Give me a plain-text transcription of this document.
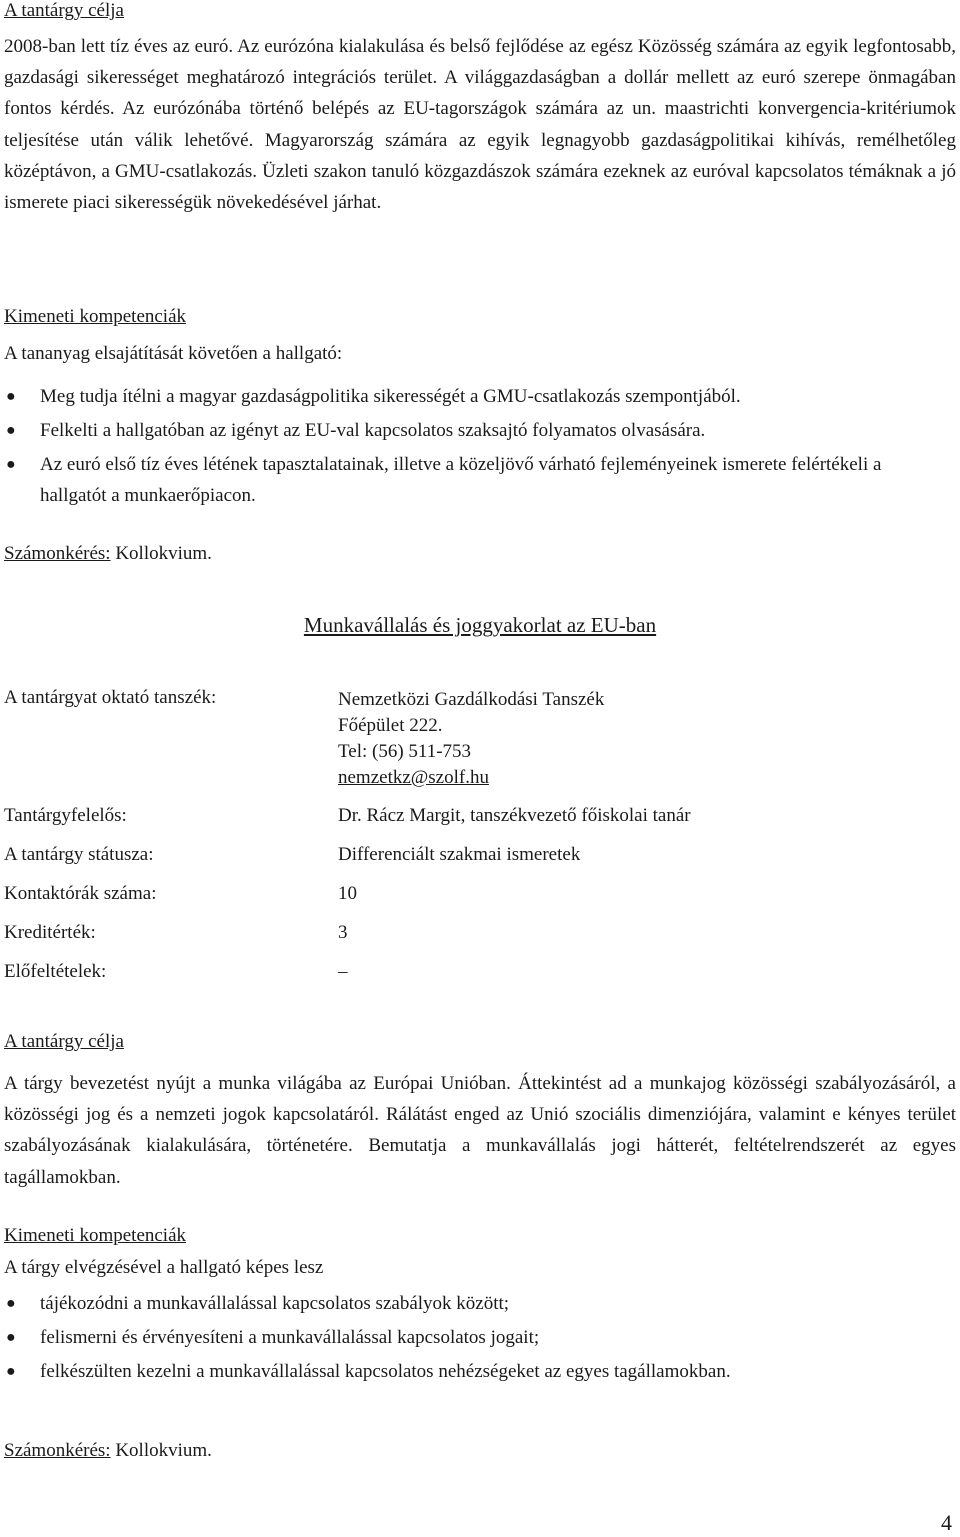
A tantárgy célja

2008-ban lett tíz éves az euró. Az eurózóna kialakulása és belső fejlődése az egész Közösség számára az egyik legfontosabb, gazdasági sikerességet meghatározó integrációs terület. A világgazdaságban a dollár mellett az euró szerepe önmagában fontos kérdés. Az eurózónába történő belépés az EU-tagországok számára az un. maastrichti konvergencia-kritériumok teljesítése után válik lehetővé. Magyarország számára az egyik legnagyobb gazdaságpolitikai kihívás, remélhetőleg középtávon, a GMU-csatlakozás. Üzleti szakon tanuló közgazdászok számára ezeknek az euróval kapcsolatos témáknak a jó ismerete piaci sikerességük növekedésével járhat.

Kimeneti kompetenciák
A tananyag elsajátítását követően a hallgató:
● Meg tudja ítélni a magyar gazdaságpolitika sikerességét a GMU-csatlakozás szempontjából.
● Felkelti a hallgatóban az igényt az EU-val kapcsolatos szaksajtó folyamatos olvasására.
● Az euró első tíz éves létének tapasztalatainak, illetve a közeljövő várható fejleményeinek ismerete felértékeli a hallgatót a munkaerőpiacon.
Számonkérés: Kollokvium.
Munkavállalás és joggyakorlat az EU-ban
A tantárgyat oktató tanszék:	Nemzetközi Gazdálkodási Tanszék
Főépület 222.
Tel: (56) 511-753
nemzetkz@szolf.hu
Tantárgyfelelős:	Dr. Rácz Margit, tanszékvezető főiskolai tanár
A tantárgy státusza:	Differenciált szakmai ismeretek
Kontaktórák száma:	10
Kreditérték:	3
Előfeltételek:	–
A tantárgy célja

A tárgy bevezetést nyújt a munka világába az Európai Unióban. Áttekintést ad a munkajog közösségi szabályozásáról, a közösségi jog és a nemzeti jogok kapcsolatáról. Rálátást enged az Unió szociális dimenziójára, valamint e kényes terület szabályozásának kialakulására, történetére. Bemutatja a munkavállalás jogi hátterét, feltételrendszerét az egyes tagállamokban.

Kimeneti kompetenciák
A tárgy elvégzésével a hallgató képes lesz
● tájékozódni a munkavállalással kapcsolatos szabályok között;
● felismerni és érvényesíteni a munkavállalással kapcsolatos jogait;
● felkészülten kezelni a munkavállalással kapcsolatos nehézségeket az egyes tagállamokban.
Számonkérés: Kollokvium.
4
